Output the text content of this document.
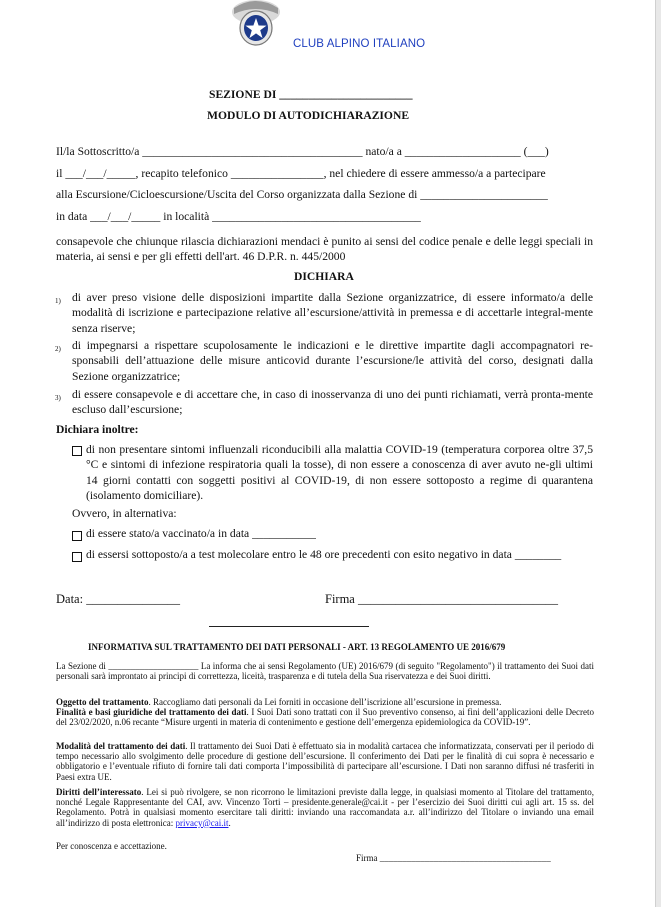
CLUB ALPINO ITALIANO
SEZIONE DI _______________________
MODULO DI AUTODICHIARAZIONE
Il/la Sottoscritto/a ______________________________________ nato/a a ____________________ (___)
il ___/___/_____, recapito telefonico ________________, nel chiedere di essere ammesso/a a partecipare
alla Escursione/Cicloescursione/Uscita del Corso organizzata dalla Sezione di ______________________
in data ___/___/_____ in località ____________________________________
consapevole che chiunque rilascia dichiarazioni mendaci è punito ai sensi del codice penale e delle leggi speciali in materia, ai sensi e per gli effetti dell'art. 46 D.P.R. n. 445/2000
DICHIARA
1) di aver preso visione delle disposizioni impartite dalla Sezione organizzatrice, di essere informato/a delle modalità di iscrizione e partecipazione relative all’escursione/attività in premessa e di accettarle integral-mente senza riserve;
2) di impegnarsi a rispettare scupolosamente le indicazioni e le direttive impartite dagli accompagnatori re-sponsabili dell’attuazione delle misure anticovid durante l’escursione/le attività del corso, designati dalla Sezione organizzatrice;
3) di essere consapevole e di accettare che, in caso di inosservanza di uno dei punti richiamati, verrà pronta-mente escluso dall’escursione;
Dichiara inoltre:
di non presentare sintomi influenzali riconducibili alla malattia COVID-19 (temperatura corporea oltre 37,5 °C e sintomi di infezione respiratoria quali la tosse), di non essere a conoscenza di aver avuto ne-gli ultimi 14 giorni contatti con soggetti positivi al COVID-19, di non essere sottoposto a regime di quarantena (isolamento domiciliare).
Ovvero, in alternativa:
di essere stato/a vaccinato/a in data ___________
di essersi sottoposto/a a test molecolare entro le 48 ore precedenti con esito negativo in data ________
Data: _______________	Firma ________________________________
INFORMATIVA SUL TRATTAMENTO DEI DATI PERSONALI - ART. 13 REGOLAMENTO UE 2016/679
La Sezione di ____________________ La informa che ai sensi Regolamento (UE) 2016/679 (di seguito "Regolamento") il trattamento dei Suoi dati personali sarà improntato ai principi di correttezza, liceità, trasparenza e di tutela della Sua riservatezza e dei Suoi diritti.
Oggetto del trattamento. Raccogliamo dati personali da Lei forniti in occasione dell’iscrizione all’escursione in premessa.
Finalità e basi giuridiche del trattamento dei dati. I Suoi Dati sono trattati con il Suo preventivo consenso, ai fini dell’applicazioni delle Decreto del 23/02/2020, n.06 recante “Misure urgenti in materia di contenimento e gestione dell’emergenza epidemiologica da COVID-19”.
Modalità del trattamento dei dati. Il trattamento dei Suoi Dati è effettuato sia in modalità cartacea che informatizzata, conservati per il periodo di tempo necessario allo svolgimento delle procedure di gestione dell’escursione. Il conferimento dei Dati per le finalità di cui sopra è necessario e obbligatorio e l’eventuale rifiuto di fornire tali dati comporta l’impossibilità di partecipare all’escursione. I Dati non saranno diffusi né trasferiti in Paesi extra UE.
Diritti dell’interessato. Lei si può rivolgere, se non ricorrono le limitazioni previste dalla legge, in qualsiasi momento al Titolare del trattamento, nonché Legale Rappresentante del CAI, avv. Vincenzo Torti – presidente.generale@cai.it - per l’esercizio dei Suoi diritti cui agli art. 15 ss. del Regolamento. Potrà in qualsiasi momento esercitare tali diritti: inviando una raccomandata a.r. all’indirizzo del Titolare o inviando una email all’indirizzo di posta elettronica: privacy@cai.it.
Per conoscenza e accettazione.
Firma ______________________________________
